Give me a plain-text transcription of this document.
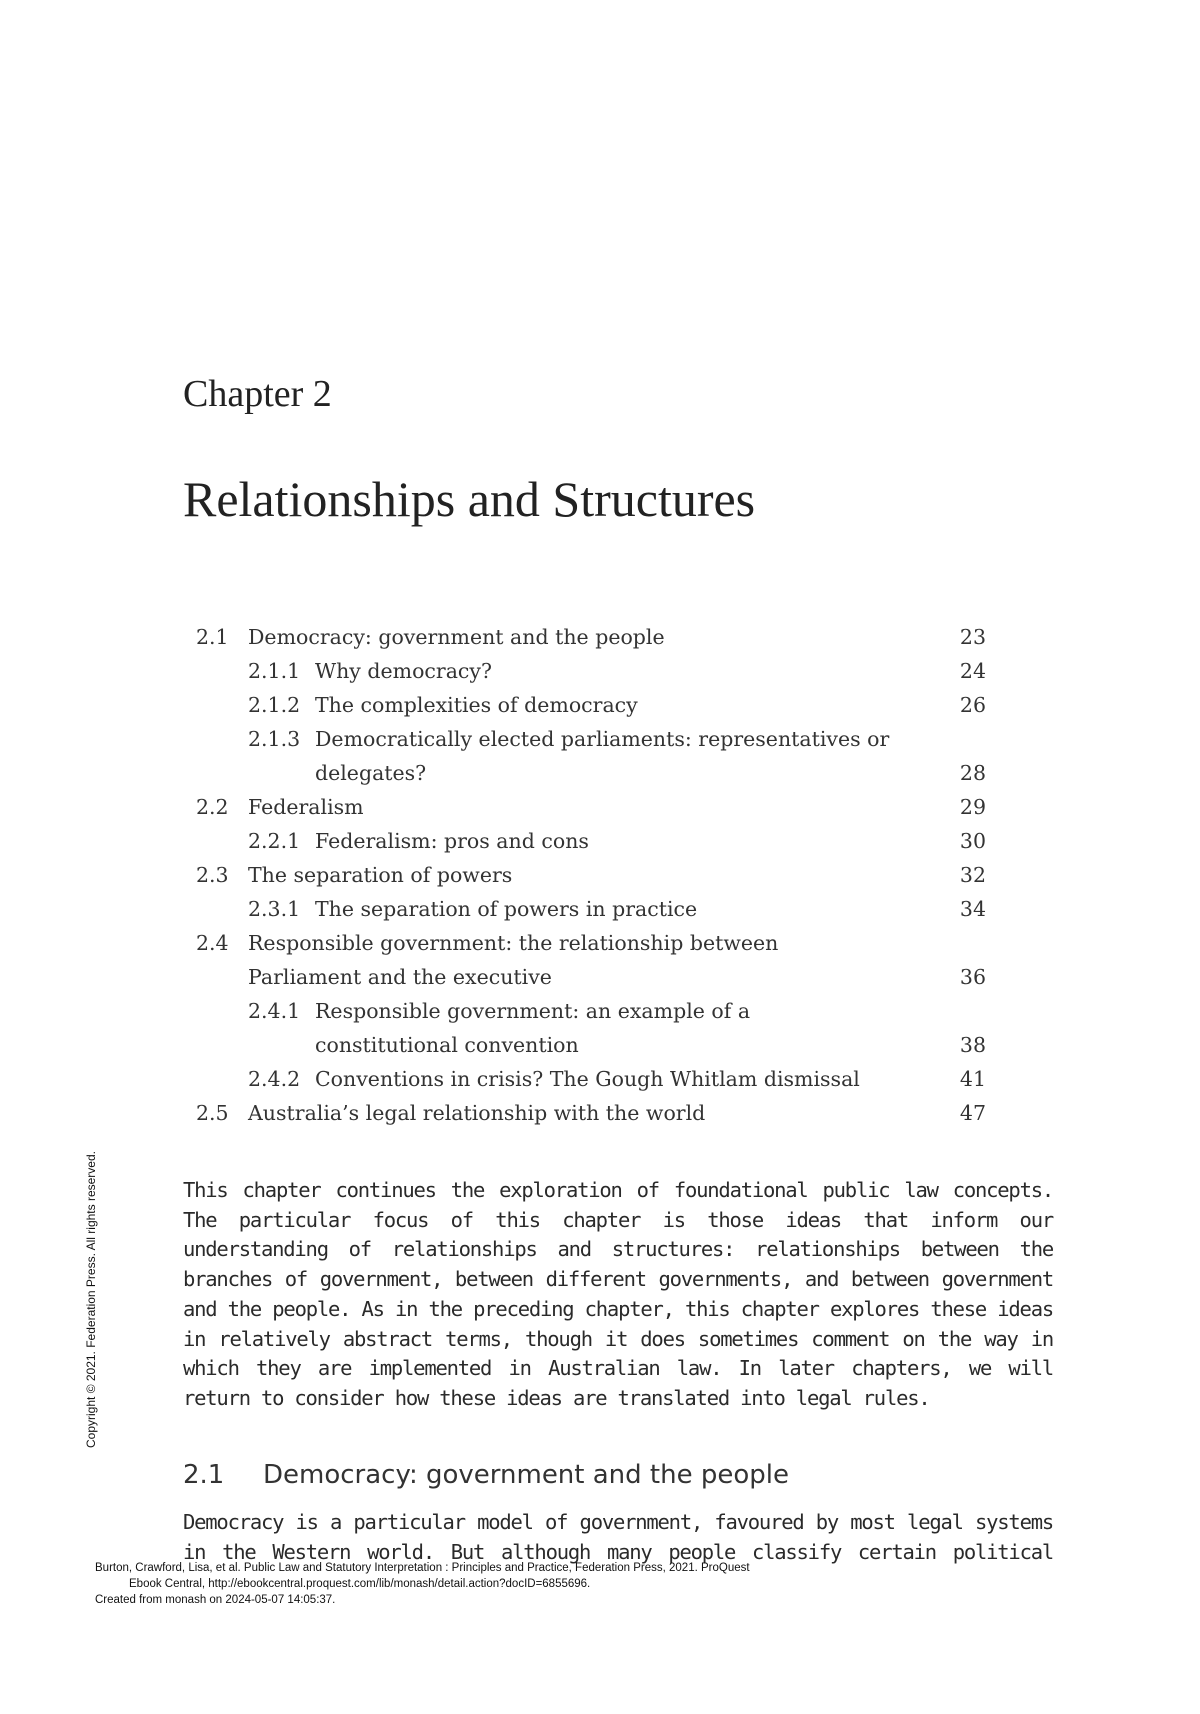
Chapter 2
Relationships and Structures
2.1 Democracy: government and the people	23
2.1.1 Why democracy?	24
2.1.2 The complexities of democracy	26
2.1.3 Democratically elected parliaments: representatives or delegates?	28
2.2 Federalism	29
2.2.1 Federalism: pros and cons	30
2.3 The separation of powers	32
2.3.1 The separation of powers in practice	34
2.4 Responsible government: the relationship between Parliament and the executive	36
2.4.1 Responsible government: an example of a constitutional convention	38
2.4.2 Conventions in crisis? The Gough Whitlam dismissal	41
2.5 Australia’s legal relationship with the world	47

This chapter continues the exploration of foundational public law concepts. The particular focus of this chapter is those ideas that inform our understanding of relationships and structures: relationships between the branches of government, between different governments, and between government and the people. As in the preceding chapter, this chapter explores these ideas in relatively abstract terms, though it does sometimes comment on the way in which they are implemented in Australian law. In later chapters, we will return to consider how these ideas are translated into legal rules.

2.1 Democracy: government and the people

Democracy is a particular model of government, favoured by most legal systems in the Western world. But although many people classify certain political

Copyright © 2021. Federation Press. All rights reserved.
Burton, Crawford, Lisa, et al. Public Law and Statutory Interpretation : Principles and Practice, Federation Press, 2021. ProQuest
Ebook Central, http://ebookcentral.proquest.com/lib/monash/detail.action?docID=6855696.
Created from monash on 2024-05-07 14:05:37.
